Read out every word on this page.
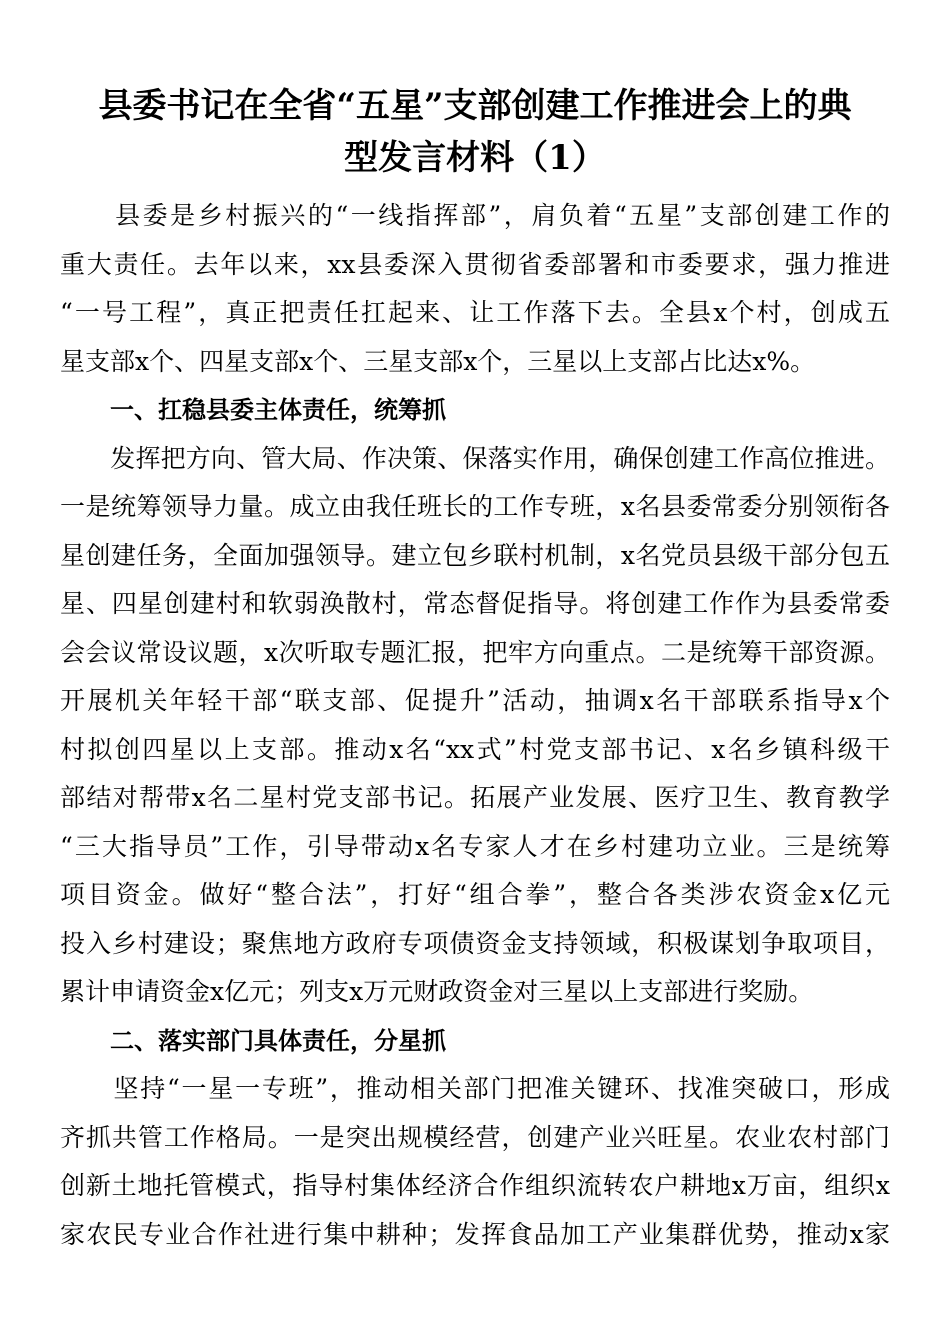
县委书记在全省“五星”支部创建工作推进会上的典
型发言材料（1）

　　县委是乡村振兴的“一线指挥部”，肩负着“五星”支部创建工作的
重大责任。去年以来，xx县委深入贯彻省委部署和市委要求，强力推进
“一号工程”，真正把责任扛起来、让工作落下去。全县x个村，创成五
星支部x个、四星支部x个、三星支部x个，三星以上支部占比达x%。

一、扛稳县委主体责任，统筹抓

　　发挥把方向、管大局、作决策、保落实作用，确保创建工作高位推进。
一是统筹领导力量。成立由我任班长的工作专班，x名县委常委分别领衔各
星创建任务，全面加强领导。建立包乡联村机制，x名党员县级干部分包五
星、四星创建村和软弱涣散村，常态督促指导。将创建工作作为县委常委
会会议常设议题，x次听取专题汇报，把牢方向重点。二是统筹干部资源。
开展机关年轻干部“联支部、促提升”活动，抽调x名干部联系指导x个
村拟创四星以上支部。推动x名“xx式”村党支部书记、x名乡镇科级干
部结对帮带x名二星村党支部书记。拓展产业发展、医疗卫生、教育教学
“三大指导员”工作，引导带动x名专家人才在乡村建功立业。三是统筹
项目资金。做好“整合法”，打好“组合拳”，整合各类涉农资金x亿元
投入乡村建设；聚焦地方政府专项债资金支持领域，积极谋划争取项目，
累计申请资金x亿元；列支x万元财政资金对三星以上支部进行奖励。

二、落实部门具体责任，分星抓

　　坚持“一星一专班”，推动相关部门把准关键环、找准突破口，形成
齐抓共管工作格局。一是突出规模经营，创建产业兴旺星。农业农村部门
创新土地托管模式，指导村集体经济合作组织流转农户耕地x万亩，组织x
家农民专业合作社进行集中耕种；发挥食品加工产业集群优势，推动x家
